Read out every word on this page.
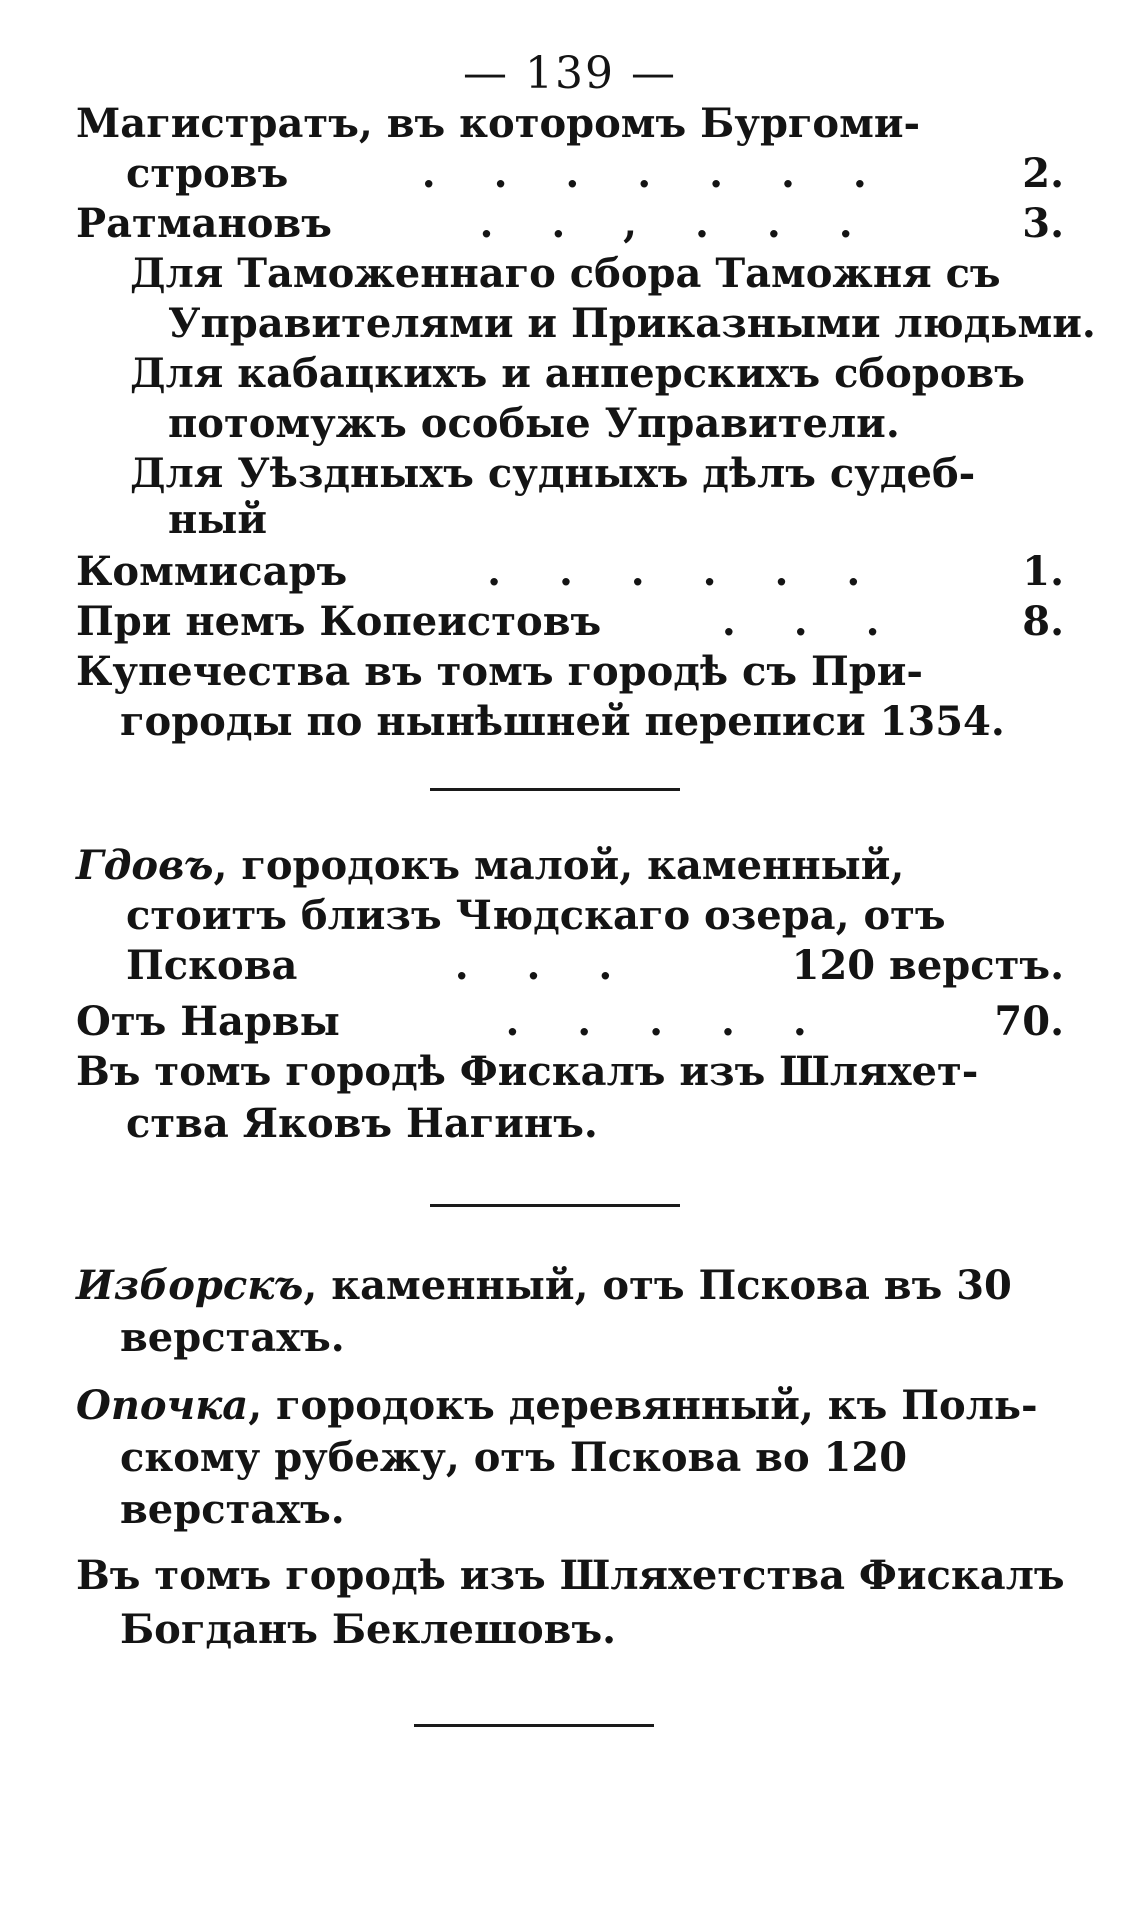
— 139 —
Магистратъ, въ которомъ Бургоми-
стровъ	. . . . . . .	2.
Ратмановъ	. . , . . .	3.
Для Таможеннаго сбора Таможня съ
Управителями и Приказными людьми.
Для кабацкихъ и анперскихъ сборовъ
потомужъ особые Управители.
Для Уѣздныхъ судныхъ дѣлъ судеб-
ный
Коммисаръ	. . . . . .	1.
При немъ Копеистовъ	. . .	8.
Купечества въ томъ городѣ съ При-
городы по нынѣшней переписи 1354.
Гдовъ, городокъ малой, каменный,
стоитъ близъ Чюдскаго озера, отъ
Пскова	. . .	120 верстъ.
Отъ Нарвы	. . . . .	70.
Въ томъ городѣ Фискалъ изъ Шляхет-
ства Яковъ Нагинъ.
Изборскъ, каменный, отъ Пскова въ 30
верстахъ.
Опочка, городокъ деревянный, къ Поль-
скому рубежу, отъ Пскова во 120
верстахъ.
Въ томъ городѣ изъ Шляхетства Фискалъ
Богданъ Беклешовъ.
